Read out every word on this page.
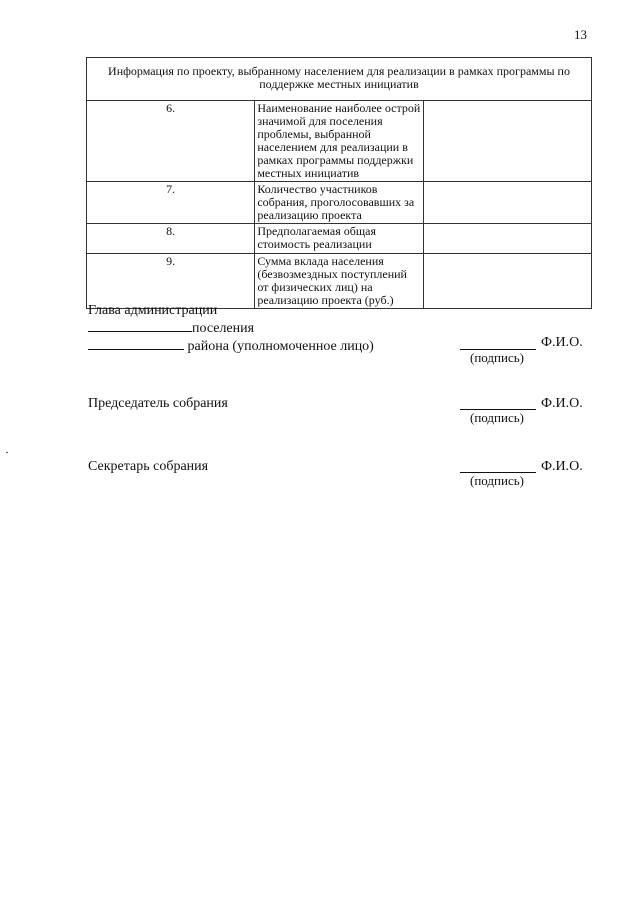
13
Информация по проекту, выбранному населением для реализации в рамках программы по поддержке местных инициатив		
6.	Наименование наиболее острой значимой для поселения проблемы, выбранной населением для реализации в рамках программы поддержки местных инициатив	
7.	Количество участников собрания, проголосовавших за реализацию проекта	
8.	Предполагаемая общая стоимость реализации	
9.	Сумма вклада населения (безвозмездных поступлений от физических лиц) на реализацию проекта (руб.)	
Глава администрации
поселения
района (уполномоченное лицо)
(подпись)
Ф.И.О.
Председатель собрания
(подпись)
Ф.И.О.
Секретарь собрания
(подпись)
Ф.И.О.
